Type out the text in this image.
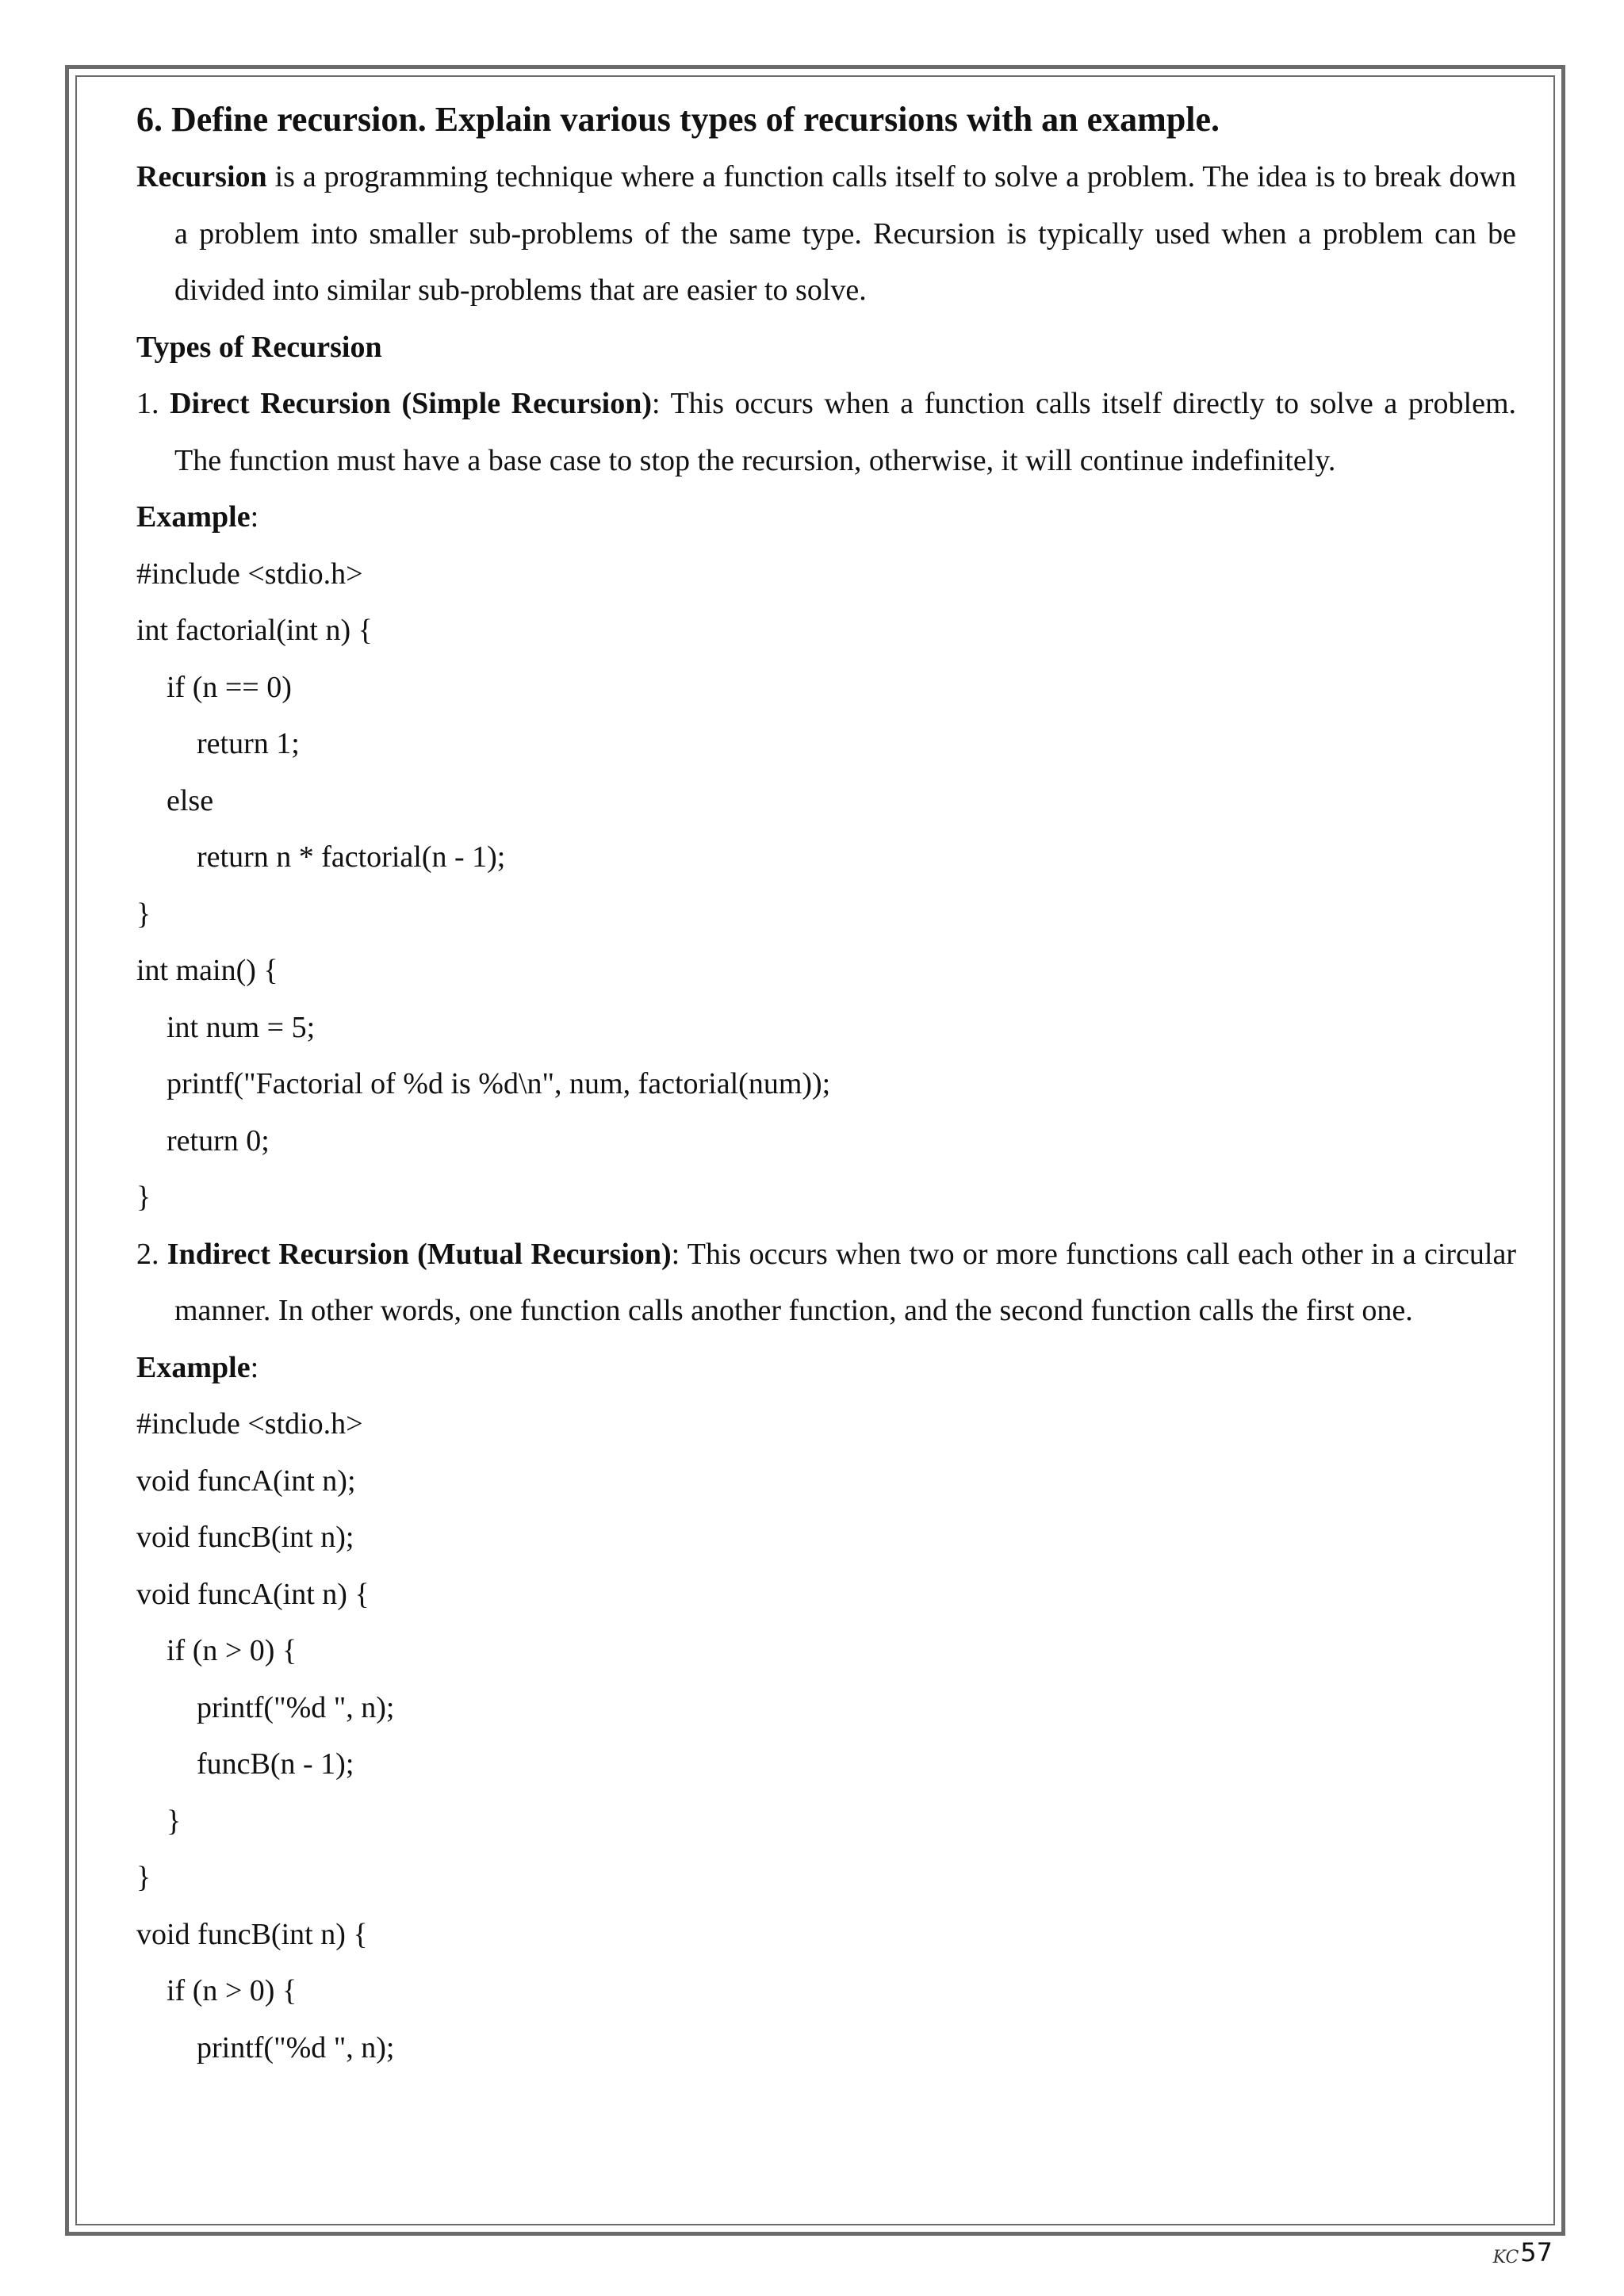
6. Define recursion. Explain various types of recursions with an example.

Recursion is a programming technique where a function calls itself to solve a problem. The idea is to break down a problem into smaller sub-problems of the same type. Recursion is typically used when a problem can be divided into similar sub-problems that are easier to solve.

Types of Recursion

1. Direct Recursion (Simple Recursion): This occurs when a function calls itself directly to solve a problem. The function must have a base case to stop the recursion, otherwise, it will continue indefinitely.

Example:

#include <stdio.h>

int factorial(int n) {

if (n == 0)

return 1;

else

return n * factorial(n - 1);

}

int main() {

int num = 5;

printf("Factorial of %d is %d\n", num, factorial(num));

return 0;

}

2. Indirect Recursion (Mutual Recursion): This occurs when two or more functions call each other in a circular manner. In other words, one function calls another function, and the second function calls the first one.

Example:

#include <stdio.h>

void funcA(int n);

void funcB(int n);

void funcA(int n) {

if (n > 0) {

printf("%d ", n);

funcB(n - 1);

}

}

void funcB(int n) {

if (n > 0) {

printf("%d ", n);

KC 57
